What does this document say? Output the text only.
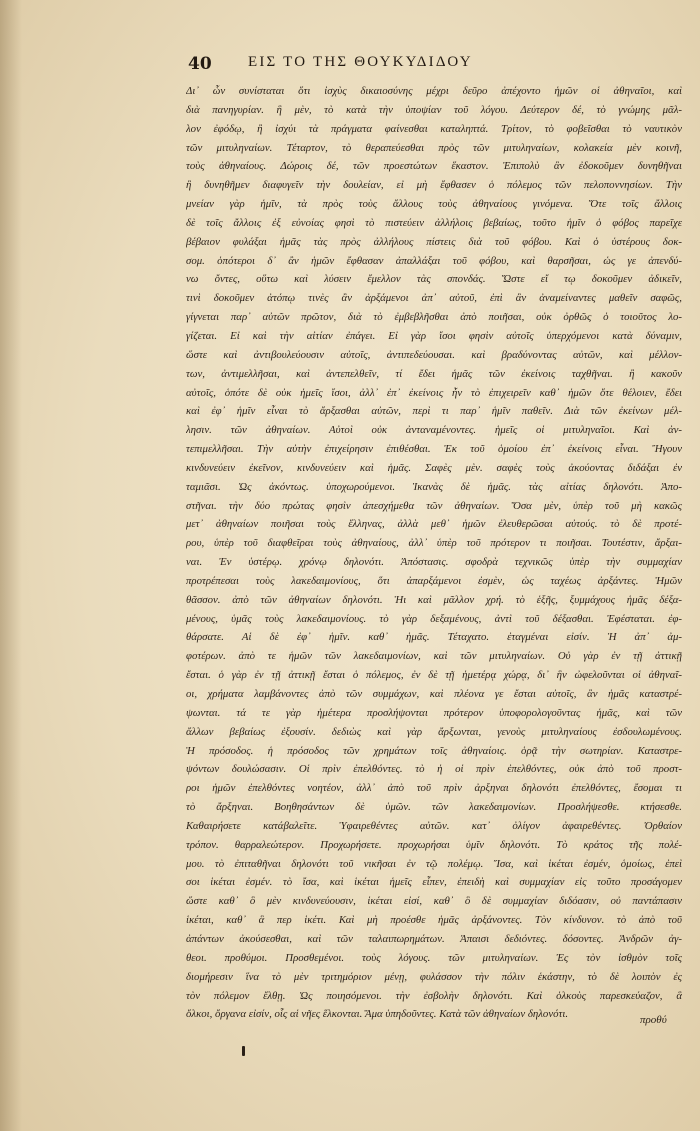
40 ΕΙΣ ΤΟ ΤΗΣ ΘΟΥΚΥΔΙΔΟΥ
Δι᾽ ὧν συνίσταται ὅτι ἰσχὺς δικαιοσύνης μέχρι δεῦρο ἀπέχοντο ἡμῶν οἱ ἀθηναῖοι, καὶ
διὰ πανηγυρίαν. ἣ μὲν, τὸ κατὰ τὴν ὑποψίαν τοῦ λόγου. Δεύτερον δέ, τὸ γνώμης μᾶλ-
λον ἐφόδῳ, ἢ ἰσχύι τὰ πράγματα φαίνεσθαι καταληπτά. Τρίτον, τὸ φοβεῖσθαι τὸ ναυτικὸν
τῶν μιτυληναίων. Τέταρτον, τὸ θεραπεύεσθαι πρὸς τῶν μιτυληναίων, κολακεία μὲν κοινῆ,
τοὺς ἀθηναίους. Δώροις δέ, τῶν προεστώτων ἕκαστον. Ἐπιπολὺ ἂν ἐδοκοῦμεν δυνηθῆναι
ἢ δυνηθῆμεν διαφυγεῖν τὴν δουλείαν, εἰ μὴ ἔφθασεν ὁ πόλεμος τῶν πελοποννησίων. Τὴν
μνείαν γὰρ ἡμῖν, τὰ πρὸς τοὺς ἄλλους τοὺς ἀθηναίους γινόμενα. Ὅτε τοῖς ἄλλοις
δὲ τοῖς ἄλλοις ἐξ εὐνοίας φησὶ τὸ πιστεύειν ἀλλήλοις βεβαίως, τοῦτο ἡμῖν ὁ φόβος παρεῖχε
βέβαιον φυλάξαι ἡμᾶς τὰς πρὸς ἀλλήλους πίστεις διὰ τοῦ φόβου. Καὶ ὁ ὑστέρους δοκ-
σομ. ὁπότεροι δ᾽ ἂν ἡμῶν ἔφθασαν ἀπαλλάξαι τοῦ φόβου, καὶ θαρσῆσαι, ὡς γε ἀπενδύ-
νω ὄντες, οὕτω καὶ λύσειν ἔμελλον τὰς σπονδάς. Ὥστε εἴ τῳ δοκοῦμεν ἀδικεῖν,
τινὶ δοκοῦμεν ἀτόπῳ τινὲς ἂν ἀρξάμενοι ἀπ᾽ αὐτοῦ, ἐπὶ ἂν ἀναμείναντες μαθεῖν σαφῶς,
γίγνεται παρ᾽ αὐτῶν πρῶτον, διὰ τὸ ἐμβεβλῆσθαι ἀπὸ ποιῆσαι, οὐκ ὀρθῶς ὁ τοιοῦτος λο-
γίζεται. Εἰ καὶ τὴν αἰτίαν ἐπάγει. Εἰ γὰρ ἴσοι φησὶν αὐτοῖς ὑπερχόμενοι κατὰ δύναμιν,
ὥστε καὶ ἀντιβουλεύουσιν αὐτοῖς, ἀντιπεδεύουσαι. καὶ βραδύνοντας αὐτῶν, καὶ μέλλον-
των, ἀντιμελλῆσαι, καὶ ἀντεπελθεῖν, τί ἔδει ἡμᾶς τῶν ἐκείνοις ταχθῆναι. ἢ κακοῦν
αὐτοῖς, ὁπότε δὲ οὐκ ἡμεῖς ἴσοι, ἀλλ᾽ ἐπ᾽ ἐκείνοις ἦν τὸ ἐπιχειρεῖν καθ᾽ ἡμῶν ὅτε θέλοιεν, ἔδει
καὶ ἐφ᾽ ἡμῖν εἶναι τὸ ἄρξασθαι αὐτῶν, περὶ τι παρ᾽ ἡμῖν παθεῖν. Διὰ τῶν ἐκείνων μέλ-
λησιν. τῶν ἀθηναίων. Αὐτοὶ οὐκ ἀνταναμένοντες. ἡμεῖς οἱ μιτυληναῖοι. Καὶ ἀν-
τεπιμελλῆσαι. Τὴν αὐτὴν ἐπιχείρησιν ἐπιθέσθαι. Ἐκ τοῦ ὁμοίου ἐπ᾽ ἐκείνοις εἶναι. Ἤγουν
κινδυνεύειν ἐκεῖνον, κινδυνεύειν καὶ ἡμᾶς. Σαφὲς μὲν. σαφὲς τοὺς ἀκούοντας διδάξαι ἐν
ταμιᾶσι. Ὡς ἀκόντως. ὑποχωρούμενοι. Ἱκανὰς δὲ ἡμᾶς. τὰς αἰτίας δηλονότι. Ἀπο-
στῆναι. τὴν δύο πρώτας φησὶν ἀπεσχήμεθα τῶν ἀθηναίων. Ὅσα μὲν, ὑπὲρ τοῦ μὴ κακῶς
μετ᾽ ἀθηναίων ποιῆσαι τοὺς ἕλληνας, ἀλλὰ μεθ᾽ ἡμῶν ἐλευθερῶσαι αὐτούς. τὸ δὲ προτέ-
ρου, ὑπὲρ τοῦ διαφθεῖραι τοὺς ἀθηναίους, ἀλλ᾽ ὑπὲρ τοῦ πρότερον τι ποιῆσαι. Τουτέστιν, ἄρξαι-
ναι. Ἐν ὑστέρῳ. χρόνῳ δηλονότι. Ἀπόστασις. σφοδρὰ τεχνικῶς ὑπὲρ τὴν συμμαχίαν
προτρέπεσαι τοὺς λακεδαιμονίους, ὅτι ἀπαρξάμενοι ἐσμὲν, ὡς ταχέως ἀρξάντες. Ἡμῶν
θᾶσσον. ἀπὸ τῶν ἀθηναίων δηλονότι. Ἡι καὶ μᾶλλον χρή. τὸ ἑξῆς, ξυμμάχους ἡμᾶς δέξα-
μένους, ὑμᾶς τοὺς λακεδαιμονίους. τὸ γὰρ δεξαμένους, ἀντὶ τοῦ δέξασθαι. Ἐφέσταται. ἐφ-
θάρσατε. Αἱ δὲ ἐφ᾽ ἡμῖν. καθ᾽ ἡμᾶς. Τέταχατο. ἐταγμέναι εἰσίν. Ἡ ἀπ᾽ ἀμ-
φοτέρων. ἀπὸ τε ἡμῶν τῶν λακεδαιμονίων, καὶ τῶν μιτυληναίων. Οὐ γὰρ ἐν τῇ ἀττικῇ
ἔσται. ὁ γὰρ ἐν τῇ ἀττικῇ ἔσται ὁ πόλεμος, ἐν δὲ τῇ ἡμετέρᾳ χώρᾳ, δι᾽ ἣν ὠφελοῦνται οἱ ἀθηναῖ-
οι, χρήματα λαμβάνοντες ἀπὸ τῶν συμμάχων, καὶ πλέονα γε ἔσται αὐτοῖς, ἂν ἡμᾶς καταστρέ-
ψωνται. τά τε γὰρ ἡμέτερα προσλήψονται πρότερον ὑποφορολογοῦντας ἡμᾶς, καὶ τῶν
ἄλλων βεβαίως ἐξουσίν. δεδιὼς καὶ γὰρ ἄρξωνται, γενοὺς μιτυληναίους ἐσδουλωμένους.
Ἡ πρόσοδος. ἡ πρόσοδος τῶν χρημάτων τοῖς ἀθηναίοις. ὁρᾷ τὴν σωτηρίαν. Καταστρε-
ψόντων δουλώσασιν. Οἱ πρὶν ἐπελθόντες. τὸ ἡ οἱ πρὶν ἐπελθόντες, οὐκ ἀπὸ τοῦ προστ-
ροι ἡμῶν ἐπελθόντες νοητέον, ἀλλ᾽ ἀπὸ τοῦ πρὶν ἀρξηναι δηλονότι ἐπελθόντες, ἔσομαι τι
τὸ ἄρξηναι. Βοηθησάντων δὲ ὑμῶν. τῶν λακεδαιμονίων. Προσλήψεσθε. κτήσεσθε.
Καθαιρήσετε κατάβαλεῖτε. Ὑφαιρεθέντες αὐτῶν. κατ᾽ ὀλίγον ἀφαιρεθέντες. Ὀρθαίον
τρόπον. θαρραλεώτερον. Προχωρήσετε. προχωρήσαι ὑμῖν δηλονότι. Τὸ κράτος τῆς πολέ-
μου. τὸ ἐπιταθῆναι δηλονότι τοῦ νικῆσαι ἐν τῷ πολέμῳ. Ἴσα, καὶ ἱκέται ἐσμέν, ὁμοίως, ἐπεὶ
σοι ἱκέται ἐσμέν. τὸ ἴσα, καὶ ἱκέται ἡμεῖς εἶπεν, ἐπειδὴ καὶ συμμαχίαν εἰς τοῦτο προσάγομεν
ὥστε καθ᾽ ὃ μὲν κινδυνεύουσιν, ἱκέται εἰσί, καθ᾽ ὃ δὲ συμμαχίαν διδόασιν, οὐ παντάπασιν
ἱκέται, καθ᾽ ἃ περ ἱκέτι. Καὶ μὴ προέσθε ἡμᾶς ἀρξάνοντες. Τὸν κίνδυνον. τὸ ἀπὸ τοῦ
ἀπάντων ἀκούσεσθαι, καὶ τῶν ταλαιπωρημάτων. Ἀπαισι δεδιόντες. δόσοντες. Ἀνδρῶν ἀγ-
θεοι. προθύμοι. Προσθεμένοι. τοὺς λόγους. τῶν μιτυληναίων. Ἐς τὸν ἰσθμὸν τοῖς
διομήρεσιν ἵνα τὸ μὲν τριτημόριον μένῃ, φυλάσσον τὴν πόλιν ἑκάστην, τὸ δὲ λοιπὸν ἐς
τὸν πόλεμον ἔλθῃ. Ὡς ποιησόμενοι. τὴν ἐσβολὴν δηλονότι. Καὶ ὁλκοὺς παρεσκεύαζον, ἃ
ὅλκοι, ὄργανα εἰσίν, οἷς αἱ νῆες ἕλκονται. Ἅμα ὑπηδοῦντες. Κατὰ τῶν ἀθηναίων δηλονότι.	προθύ
